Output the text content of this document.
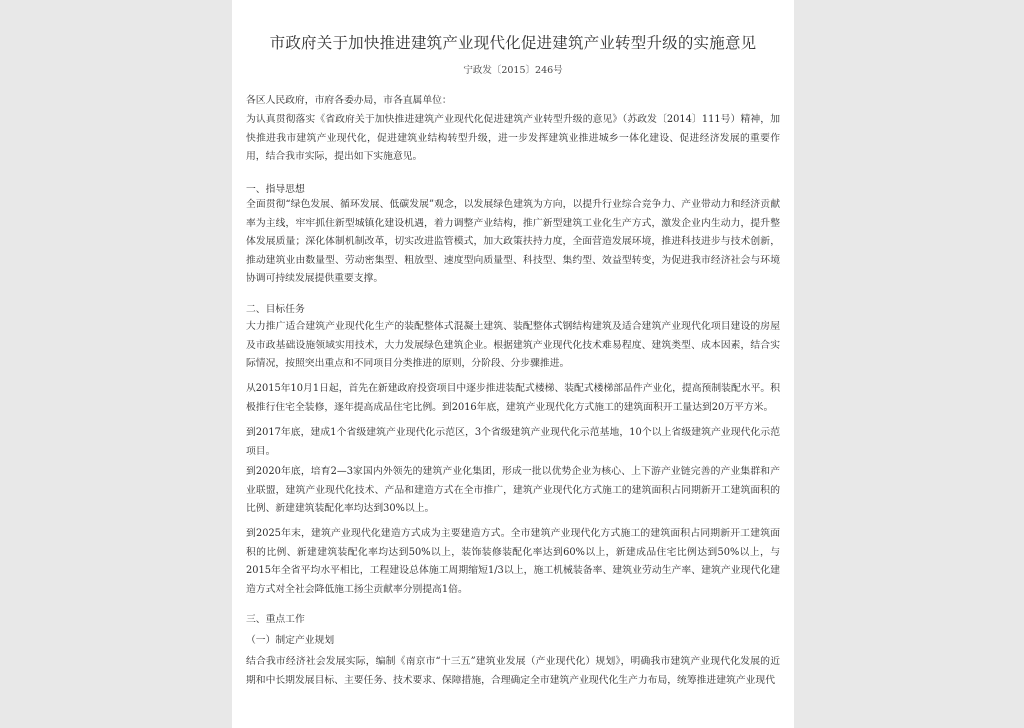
市政府关于加快推进建筑产业现代化促进建筑产业转型升级的实施意见
宁政发〔2015〕246号
各区人民政府，市府各委办局，市各直属单位：
为认真贯彻落实《省政府关于加快推进建筑产业现代化促进建筑产业转型升级的意见》（苏政发〔2014〕111号）精神，加快推进我市建筑产业现代化，促进建筑业结构转型升级，进一步发挥建筑业推进城乡一体化建设、促进经济发展的重要作用，结合我市实际，提出如下实施意见。
一、指导思想
全面贯彻“绿色发展、循环发展、低碳发展”观念，以发展绿色建筑为方向，以提升行业综合竞争力、产业带动力和经济贡献率为主线，牢牢抓住新型城镇化建设机遇，着力调整产业结构，推广新型建筑工业化生产方式，激发企业内生动力，提升整体发展质量；深化体制机制改革，切实改进监管模式，加大政策扶持力度，全面营造发展环境，推进科技进步与技术创新，推动建筑业由数量型、劳动密集型、粗放型、速度型向质量型、科技型、集约型、效益型转变，为促进我市经济社会与环境协调可持续发展提供重要支撑。
二、目标任务
大力推广适合建筑产业现代化生产的装配整体式混凝土建筑、装配整体式钢结构建筑及适合建筑产业现代化项目建设的房屋及市政基础设施领域实用技术，大力发展绿色建筑企业。根据建筑产业现代化技术难易程度、建筑类型、成本因素，结合实际情况，按照突出重点和不同项目分类推进的原则，分阶段、分步骤推进。
从2015年10月1日起，首先在新建政府投资项目中逐步推进装配式楼梯、装配式楼梯部品件产业化，提高预制装配水平。积极推行住宅全装修，逐年提高成品住宅比例。到2016年底，建筑产业现代化方式施工的建筑面积开工量达到20万平方米。
到2017年底，建成1个省级建筑产业现代化示范区，3个省级建筑产业现代化示范基地，10个以上省级建筑产业现代化示范项目。
到2020年底，培育2—3家国内外领先的建筑产业化集团，形成一批以优势企业为核心、上下游产业链完善的产业集群和产业联盟，建筑产业现代化技术、产品和建造方式在全市推广，建筑产业现代化方式施工的建筑面积占同期新开工建筑面积的比例、新建建筑装配化率均达到30%以上。
到2025年末，建筑产业现代化建造方式成为主要建造方式。全市建筑产业现代化方式施工的建筑面积占同期新开工建筑面积的比例、新建建筑装配化率均达到50%以上，装饰装修装配化率达到60%以上，新建成品住宅比例达到50%以上，与2015年全省平均水平相比，工程建设总体施工周期缩短1/3以上，施工机械装备率、建筑业劳动生产率、建筑产业现代化建造方式对全社会降低施工扬尘贡献率分别提高1倍。
三、重点工作
（一）制定产业规划
结合我市经济社会发展实际，编制《南京市“十三五”建筑业发展（产业现代化）规划》，明确我市建筑产业现代化发展的近期和中长期发展目标、主要任务、技术要求、保障措施，合理确定全市建筑产业现代化生产力布局，统筹推进建筑产业现代
